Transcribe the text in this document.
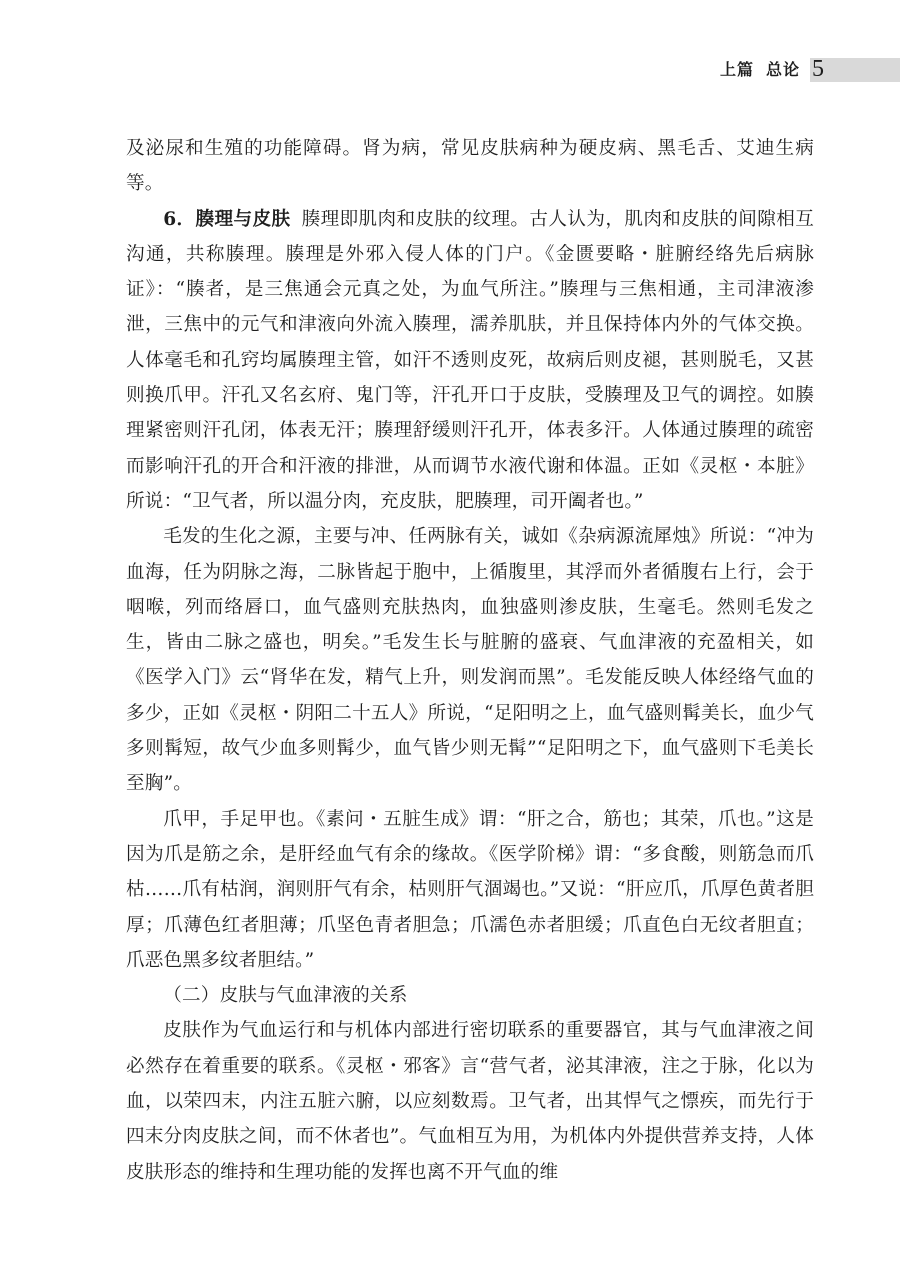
上篇 总论 5

及泌尿和生殖的功能障碍。肾为病，常见皮肤病种为硬皮病、黑毛舌、艾迪生病等。

6．腠理与皮肤 腠理即肌肉和皮肤的纹理。古人认为，肌肉和皮肤的间隙相互沟通，共称腠理。腠理是外邪入侵人体的门户。《金匮要略・脏腑经络先后病脉证》：“腠者，是三焦通会元真之处，为血气所注。”腠理与三焦相通，主司津液渗泄，三焦中的元气和津液向外流入腠理，濡养肌肤，并且保持体内外的气体交换。人体毫毛和孔窍均属腠理主管，如汗不透则皮死，故病后则皮褪，甚则脱毛，又甚则换爪甲。汗孔又名玄府、鬼门等，汗孔开口于皮肤，受腠理及卫气的调控。如腠理紧密则汗孔闭，体表无汗；腠理舒缓则汗孔开，体表多汗。人体通过腠理的疏密而影响汗孔的开合和汗液的排泄，从而调节水液代谢和体温。正如《灵枢・本脏》所说：“卫气者，所以温分肉，充皮肤，肥腠理，司开阖者也。”

毛发的生化之源，主要与冲、任两脉有关，诚如《杂病源流犀烛》所说：“冲为血海，任为阴脉之海，二脉皆起于胞中，上循腹里，其浮而外者循腹右上行，会于咽喉，列而络唇口，血气盛则充肤热肉，血独盛则渗皮肤，生毫毛。然则毛发之生，皆由二脉之盛也，明矣。”毛发生长与脏腑的盛衰、气血津液的充盈相关，如《医学入门》云“肾华在发，精气上升，则发润而黑”。毛发能反映人体经络气血的多少，正如《灵枢・阴阳二十五人》所说，“足阳明之上，血气盛则髯美长，血少气多则髯短，故气少血多则髯少，血气皆少则无髯”“足阳明之下，血气盛则下毛美长至胸”。

爪甲，手足甲也。《素问・五脏生成》谓：“肝之合，筋也；其荣，爪也。”这是因为爪是筋之余，是肝经血气有余的缘故。《医学阶梯》谓：“多食酸，则筋急而爪枯……爪有枯润，润则肝气有余，枯则肝气涸竭也。”又说：“肝应爪，爪厚色黄者胆厚；爪薄色红者胆薄；爪坚色青者胆急；爪濡色赤者胆缓；爪直色白无纹者胆直；爪恶色黑多纹者胆结。”

（二）皮肤与气血津液的关系

皮肤作为气血运行和与机体内部进行密切联系的重要器官，其与气血津液之间必然存在着重要的联系。《灵枢・邪客》言“营气者，泌其津液，注之于脉，化以为血，以荣四末，内注五脏六腑，以应刻数焉。卫气者，出其悍气之慓疾，而先行于四末分肉皮肤之间，而不休者也”。气血相互为用，为机体内外提供营养支持，人体皮肤形态的维持和生理功能的发挥也离不开气血的维
